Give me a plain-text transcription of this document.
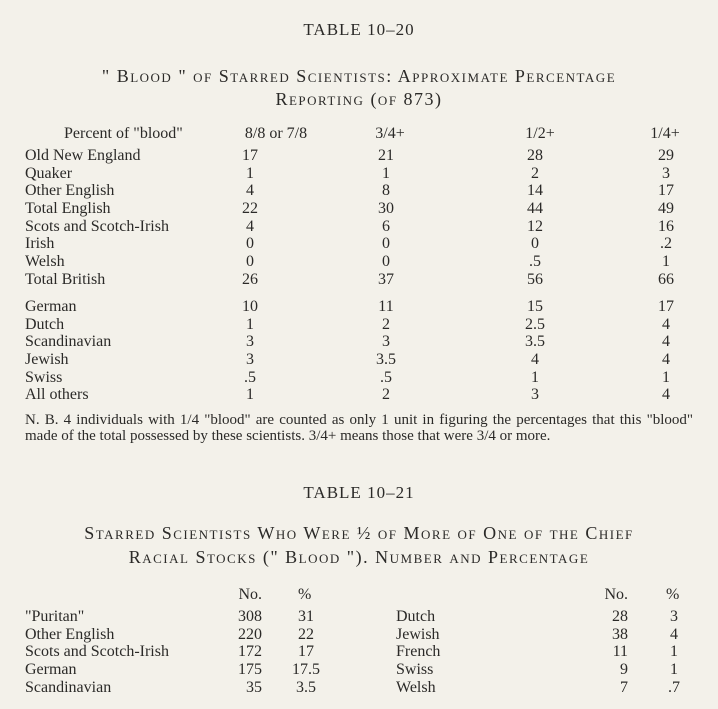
TABLE 10–20
" Blood " of Starred Scientists: Approximate Percentage
Reporting (of 873)
Percent of "blood"	8/8 or 7/8	3/4+	1/2+	1/4+
Old New England	17	21	28	29
Quaker	1	1	2	3
Other English	4	8	14	17
Total English	22	30	44	49
Scots and Scotch-Irish	4	6	12	16
Irish	0	0	0	.2
Welsh	0	0	.5	1
Total British	26	37	56	66
German	10	11	15	17
Dutch	1	2	2.5	4
Scandinavian	3	3	3.5	4
Jewish	3	3.5	4	4
Swiss	.5	.5	1	1
All others	1	2	3	4
N. B. 4 individuals with 1/4 "blood" are counted as only 1 unit in figuring the percentages that this "blood" made of the total possessed by these scientists. 3/4+ means those that were 3/4 or more.
TABLE 10–21
Starred Scientists Who Were ½ of More of One of the Chief
Racial Stocks (" Blood "). Number and Percentage
No. %	No. %
"Puritan"	308	31
Other English	220	22
Scots and Scotch-Irish	172	17
German	175	17.5
Scandinavian	35	3.5
Dutch	28	3
Jewish	38	4
French	11	1
Swiss	9	1
Welsh	7	.7
